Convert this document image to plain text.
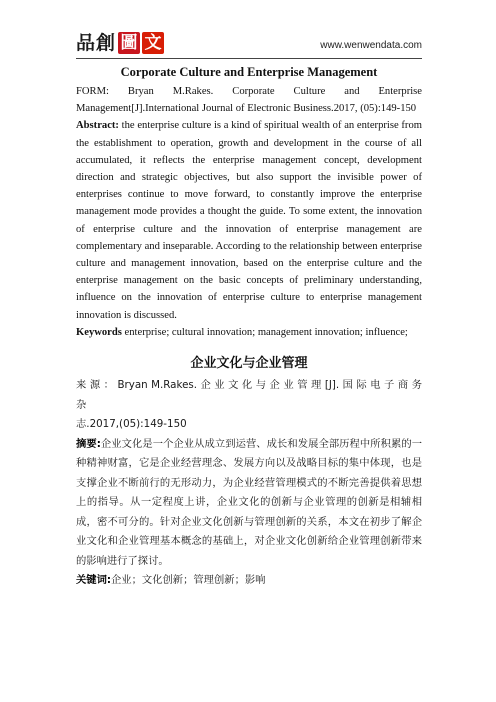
品 創 圖 文	www.wenwendata.com
Corporate Culture and Enterprise Management

FORM: Bryan M.Rakes. Corporate Culture and Enterprise

Management[J].International Journal of Electronic Business.2017, (05):149-150

Abstract: the enterprise culture is a kind of spiritual wealth of an enterprise from the establishment to operation, growth and development in the course of all accumulated, it reflects the enterprise management concept, development direction and strategic objectives, but also support the invisible power of enterprises continue to move forward, to constantly improve the enterprise management mode provides a thought the guide. To some extent, the innovation of enterprise culture and the innovation of enterprise management are complementary and inseparable. According to the relationship between enterprise culture and management innovation, based on the enterprise culture and the enterprise management on the basic concepts of preliminary understanding, influence on the innovation of enterprise culture to enterprise management innovation is discussed.

Keywords enterprise; cultural innovation; management innovation; influence;

企业文化与企业管理

来 源 ： Bryan M.Rakes. 企 业 文 化 与 企 业 管 理 [J]. 国 际 电 子 商 务 杂

志.2017,(05):149-150

摘要:企业文化是一个企业从成立到运营、成长和发展全部历程中所积累的一种精神财富，它是企业经营理念、发展方向以及战略目标的集中体现，也是支撑企业不断前行的无形动力，为企业经营管理模式的不断完善提供着思想上的指导。从一定程度上讲，企业文化的创新与企业管理的创新是相辅相成，密不可分的。针对企业文化创新与管理创新的关系，本文在初步了解企业文化和企业管理基本概念的基础上，对企业文化创新给企业管理创新带来的影响进行了探讨。

关键词:企业；文化创新；管理创新；影响
